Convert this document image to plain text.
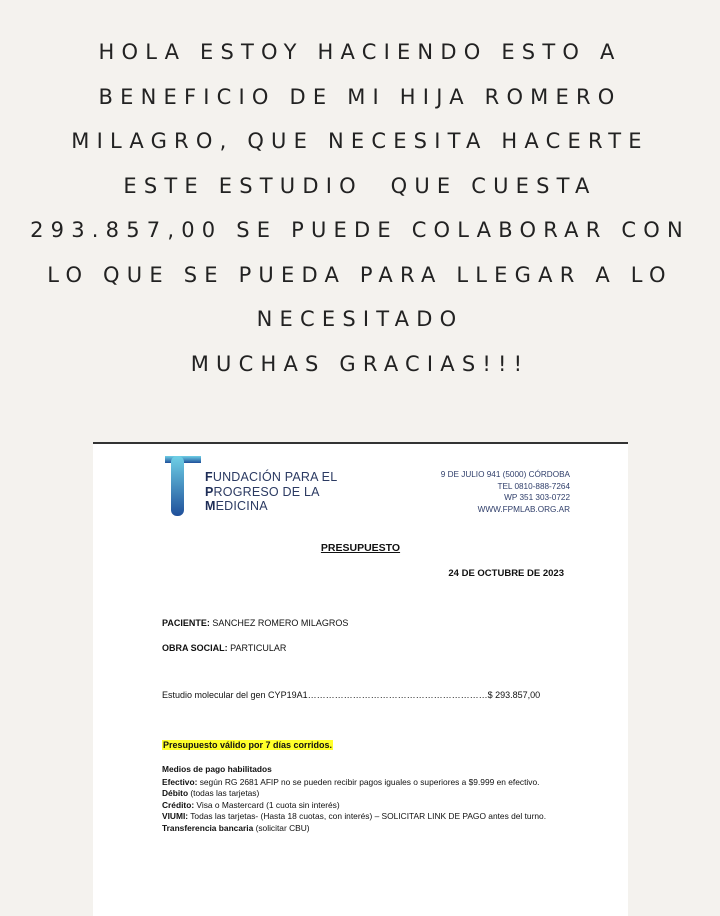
HOLA ESTOY HACIENDO ESTO A
BENEFICIO DE MI HIJA ROMERO
MILAGRO, QUE NECESITA HACERTE
ESTE ESTUDIO  QUE CUESTA
293.857,00 SE PUEDE COLABORAR CON
LO QUE SE PUEDA PARA LLEGAR A LO
NECESITADO
MUCHAS GRACIAS!!!
FUNDACIÓN PARA EL
PROGRESO DE LA
MEDICINA
9 DE JULIO 941 (5000) CÓRDOBA
TEL 0810-888-7264
WP 351 303-0722
WWW.FPMLAB.ORG.AR
PRESUPUESTO
24 DE OCTUBRE DE 2023
PACIENTE: SANCHEZ ROMERO MILAGROS
OBRA SOCIAL: PARTICULAR
Estudio molecular del gen CYP19A1……………………………………………………$ 293.857,00
Presupuesto válido por 7 días corridos.
Medios de pago habilitados
Efectivo: según RG 2681 AFIP no se pueden recibir pagos iguales o superiores a $9.999 en efectivo.
Débito (todas las tarjetas)
Crédito: Visa o Mastercard (1 cuota sin interés)
VIUMI: Todas las tarjetas- (Hasta 18 cuotas, con interés) – SOLICITAR LINK DE PAGO antes del turno.
Transferencia bancaria (solicitar CBU)
